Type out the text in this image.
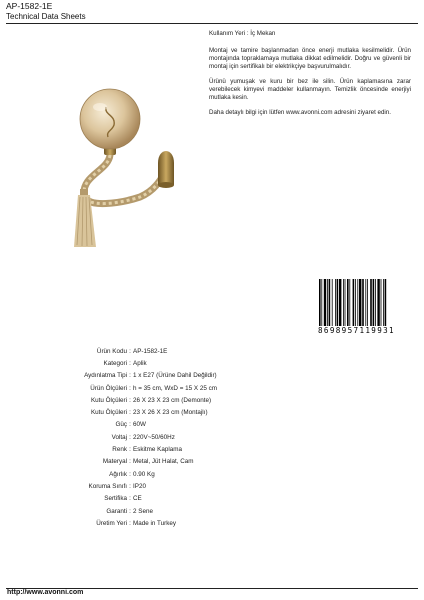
AP-1582-1E
Technical Data Sheets

Kullanım Yeri : İç Mekan

Montaj ve tamire başlanmadan önce enerji mutlaka kesilmelidir. Ürün montajında topraklamaya mutlaka dikkat edilmelidir. Doğru ve güvenli bir montaj için sertifikalı bir elektrikçiye başvurulmalıdır.

Ürünü yumuşak ve kuru bir bez ile silin. Ürün kaplamasına zarar verebilecek kimyevi maddeler kullanmayın. Temizlik öncesinde enerjiyi mutlaka kesin.

Daha detaylı bilgi için lütfen www.avonni.com adresini ziyaret edin.

8698957119931
Ürün Kodu : AP-1582-1E
Kategori : Aplik
Aydınlatma Tipi : 1 x E27 (Ürüne Dahil Değildir)
Ürün Ölçüleri : h = 35 cm, WxD = 15 X 25 cm
Kutu Ölçüleri : 26 X 23 X 23 cm (Demonte)
Kutu Ölçüleri : 23 X 26 X 23 cm (Montajlı)
Güç : 60W
Voltaj : 220V~50/60Hz
Renk : Eskitme Kaplama
Materyal : Metal, Jüt Halat, Cam
Ağırlık : 0.90 Kg
Koruma Sınıfı : IP20
Sertifika : CE
Garanti : 2 Sene
Üretim Yeri : Made in Turkey
http://www.avonni.com
